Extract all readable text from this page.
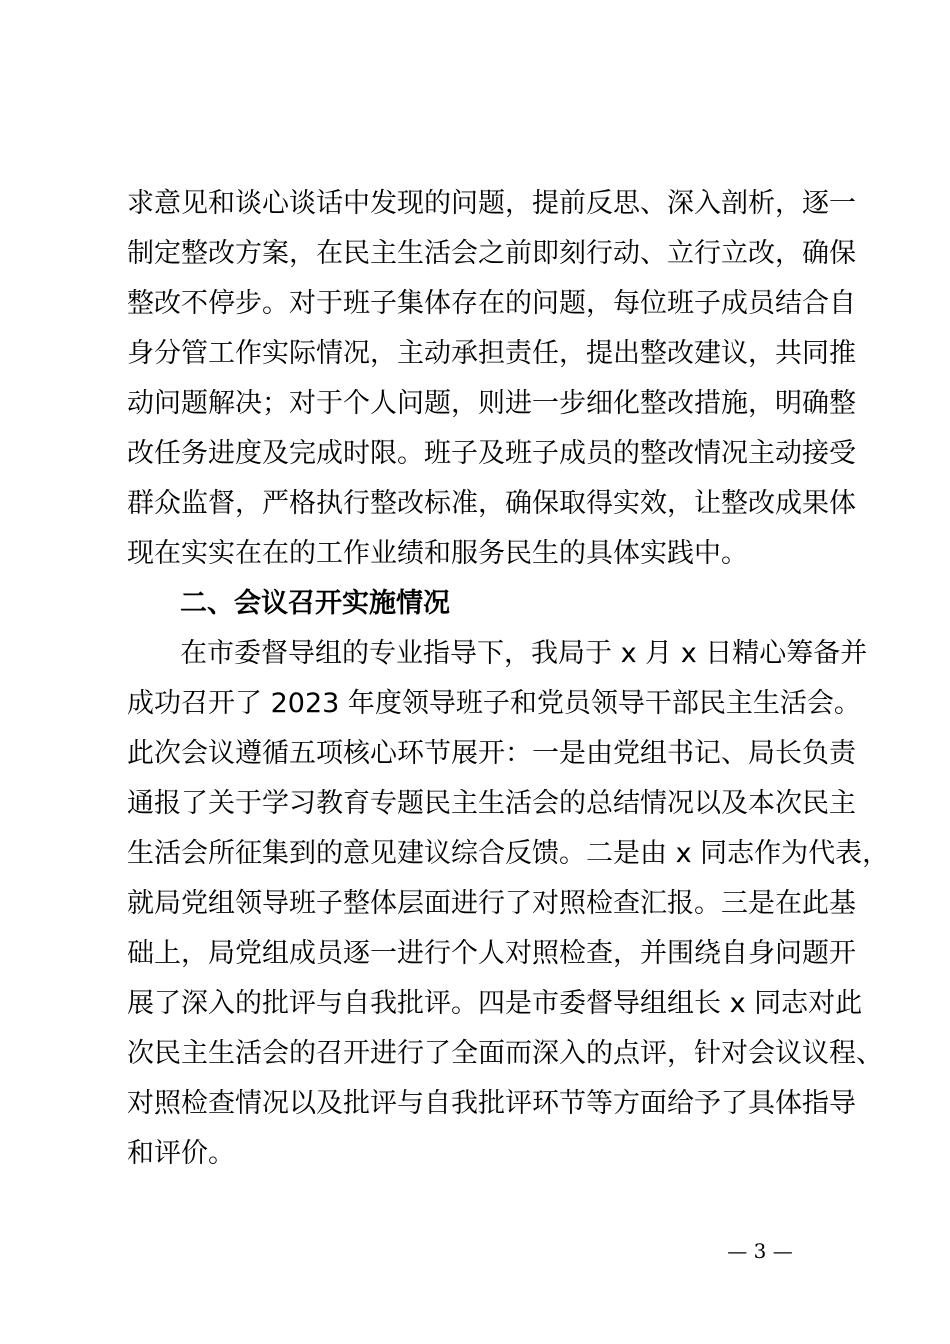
求意见和谈心谈话中发现的问题，提前反思、深入剖析，逐一
制定整改方案，在民主生活会之前即刻行动、立行立改，确保
整改不停步。对于班子集体存在的问题，每位班子成员结合自
身分管工作实际情况，主动承担责任，提出整改建议，共同推
动问题解决；对于个人问题，则进一步细化整改措施，明确整
改任务进度及完成时限。班子及班子成员的整改情况主动接受
群众监督，严格执行整改标准，确保取得实效，让整改成果体
现在实实在在的工作业绩和服务民生的具体实践中。
二、会议召开实施情况
在市委督导组的专业指导下，我局于 x 月 x 日精心筹备并
成功召开了 2023 年度领导班子和党员领导干部民主生活会。
此次会议遵循五项核心环节展开：一是由党组书记、局长负责
通报了关于学习教育专题民主生活会的总结情况以及本次民主
生活会所征集到的意见建议综合反馈。二是由 x 同志作为代表，
就局党组领导班子整体层面进行了对照检查汇报。三是在此基
础上，局党组成员逐一进行个人对照检查，并围绕自身问题开
展了深入的批评与自我批评。四是市委督导组组长 x 同志对此
次民主生活会的召开进行了全面而深入的点评，针对会议议程、
对照检查情况以及批评与自我批评环节等方面给予了具体指导
和评价。
— 3 —
